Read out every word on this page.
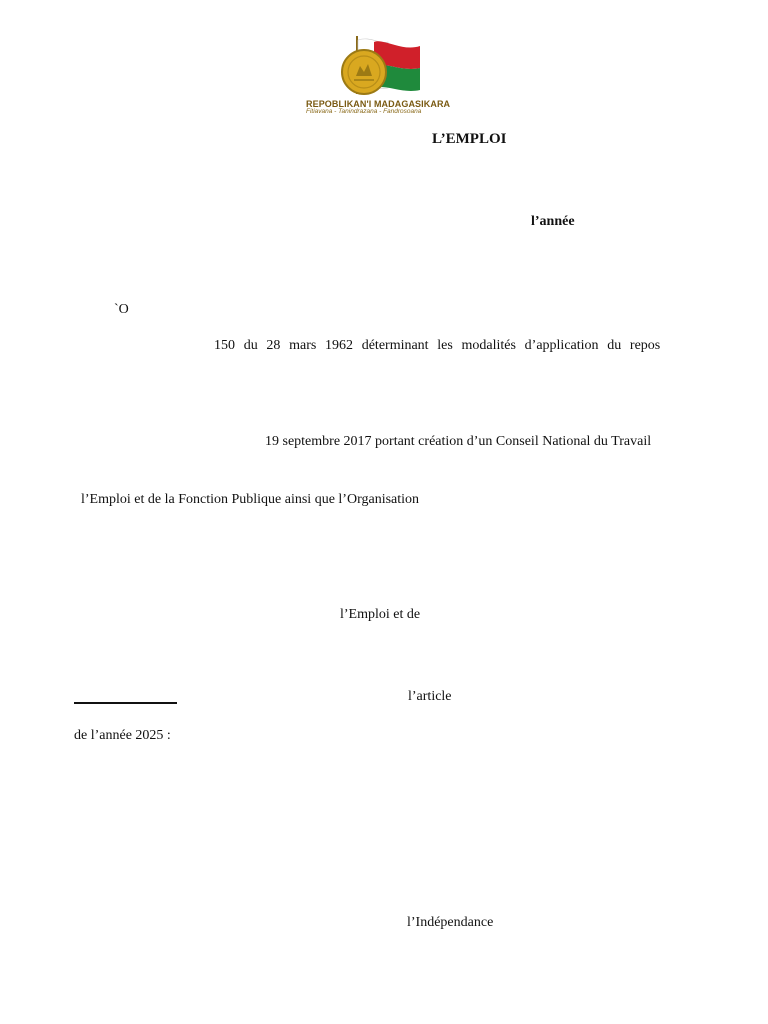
REPOBLIKAN'I MADAGASIKARA
Fitiavana - Tanindrazana - Fandrosoana
L’EMPLOI
l’année
`O
150 du 28 mars 1962 déterminant les modalités d’application du repos
19 septembre 2017 portant création d’un Conseil National du Travail
l’Emploi et de la Fonction Publique ainsi que l’Organisation
l’Emploi et de
l’article
de l’année 2025 :
l’Indépendance
